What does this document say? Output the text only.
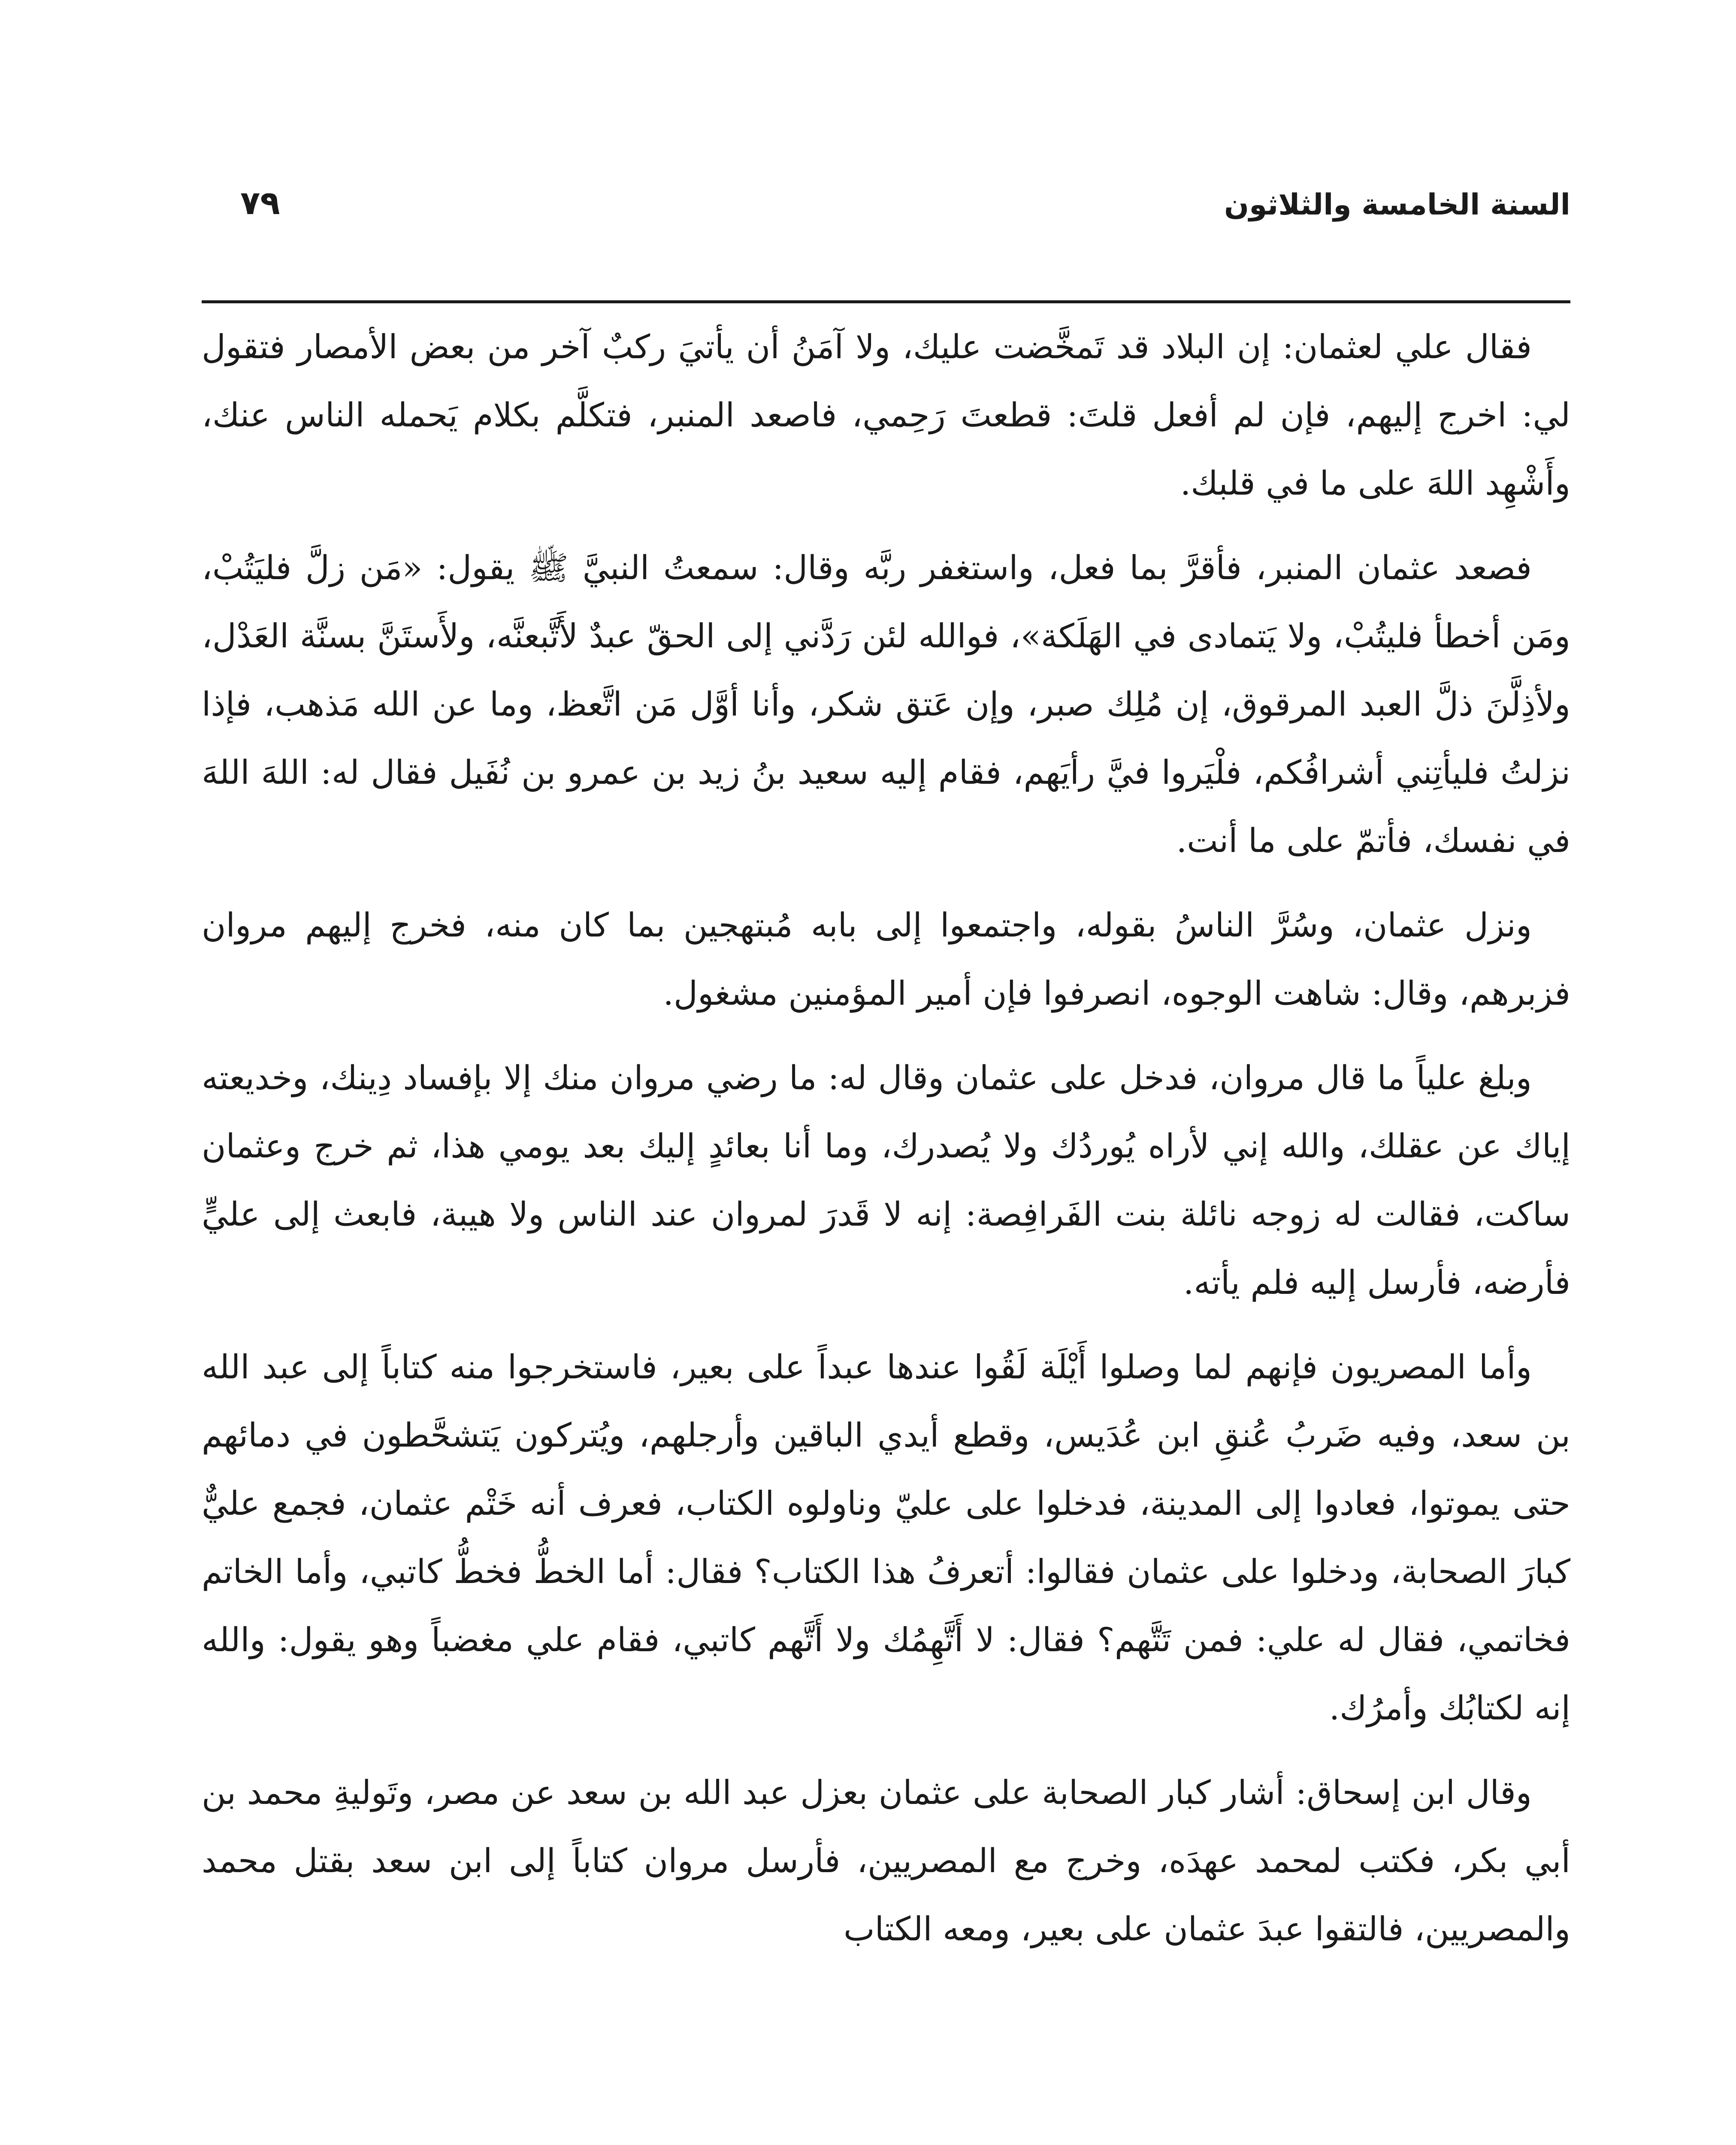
السنة الخامسة والثلاثون
٧٩

فقال علي لعثمان: إن البلاد قد تَمخَّضت عليك، ولا آمَنُ أن يأتيَ ركبٌ آخر من بعض الأمصار فتقول لي: اخرج إليهم، فإن لم أفعل قلتَ: قطعتَ رَحِمي، فاصعد المنبر، فتكلَّم بكلام يَحمله الناس عنك، وأَشْهِد اللهَ على ما في قلبك.

فصعد عثمان المنبر، فأقرَّ بما فعل، واستغفر ربَّه وقال: سمعتُ النبيَّ ﷺ يقول: «مَن زلَّ فليَتُبْ، ومَن أخطأ فليتُبْ، ولا يَتمادى في الهَلَكة»، فوالله لئن رَدَّني إلى الحقّ عبدٌ لأَتَّبعنَّه، ولأَستَنَّ بسنَّة العَدْل، ولأذِلَّنَ ذلَّ العبد المرقوق، إن مُلِك صبر، وإن عَتق شكر، وأنا أوَّل مَن اتَّعظ، وما عن الله مَذهب، فإذا نزلتُ فليأتِني أشرافُكم، فلْيَروا فيَّ رأيَهم، فقام إليه سعيد بنُ زيد بن عمرو بن نُفَيل فقال له: اللهَ اللهَ في نفسك، فأتمّ على ما أنت.

ونزل عثمان، وسُرَّ الناسُ بقوله، واجتمعوا إلى بابه مُبتهجين بما كان منه، فخرج إليهم مروان فزبرهم، وقال: شاهت الوجوه، انصرفوا فإن أمير المؤمنين مشغول.

وبلغ علياً ما قال مروان، فدخل على عثمان وقال له: ما رضي مروان منك إلا بإفساد دِينك، وخديعته إياك عن عقلك، والله إني لأراه يُوردُك ولا يُصدرك، وما أنا بعائدٍ إليك بعد يومي هذا، ثم خرج وعثمان ساكت، فقالت له زوجه نائلة بنت الفَرافِصة: إنه لا قَدرَ لمروان عند الناس ولا هيبة، فابعث إلى عليٍّ فأرضه، فأرسل إليه فلم يأته.

وأما المصريون فإنهم لما وصلوا أَيْلَة لَقُوا عندها عبداً على بعير، فاستخرجوا منه كتاباً إلى عبد الله بن سعد، وفيه ضَربُ عُنقِ ابن عُدَيس، وقطع أيدي الباقين وأرجلهم، ويُتركون يَتشحَّطون في دمائهم حتى يموتوا، فعادوا إلى المدينة، فدخلوا على عليّ وناولوه الكتاب، فعرف أنه خَتْم عثمان، فجمع عليٌّ كبارَ الصحابة، ودخلوا على عثمان فقالوا: أتعرفُ هذا الكتاب؟ فقال: أما الخطُّ فخطُّ كاتبي، وأما الخاتم فخاتمي، فقال له علي: فمن تَتَّهم؟ فقال: لا أَتَّهِمُك ولا أَتَّهم كاتبي، فقام علي مغضباً وهو يقول: والله إنه لكتابُك وأمرُك.

وقال ابن إسحاق: أشار كبار الصحابة على عثمان بعزل عبد الله بن سعد عن مصر، وتَوليةِ محمد بن أبي بكر، فكتب لمحمد عهدَه، وخرج مع المصريين، فأرسل مروان كتاباً إلى ابن سعد بقتل محمد والمصريين، فالتقوا عبدَ عثمان على بعير، ومعه الكتاب
